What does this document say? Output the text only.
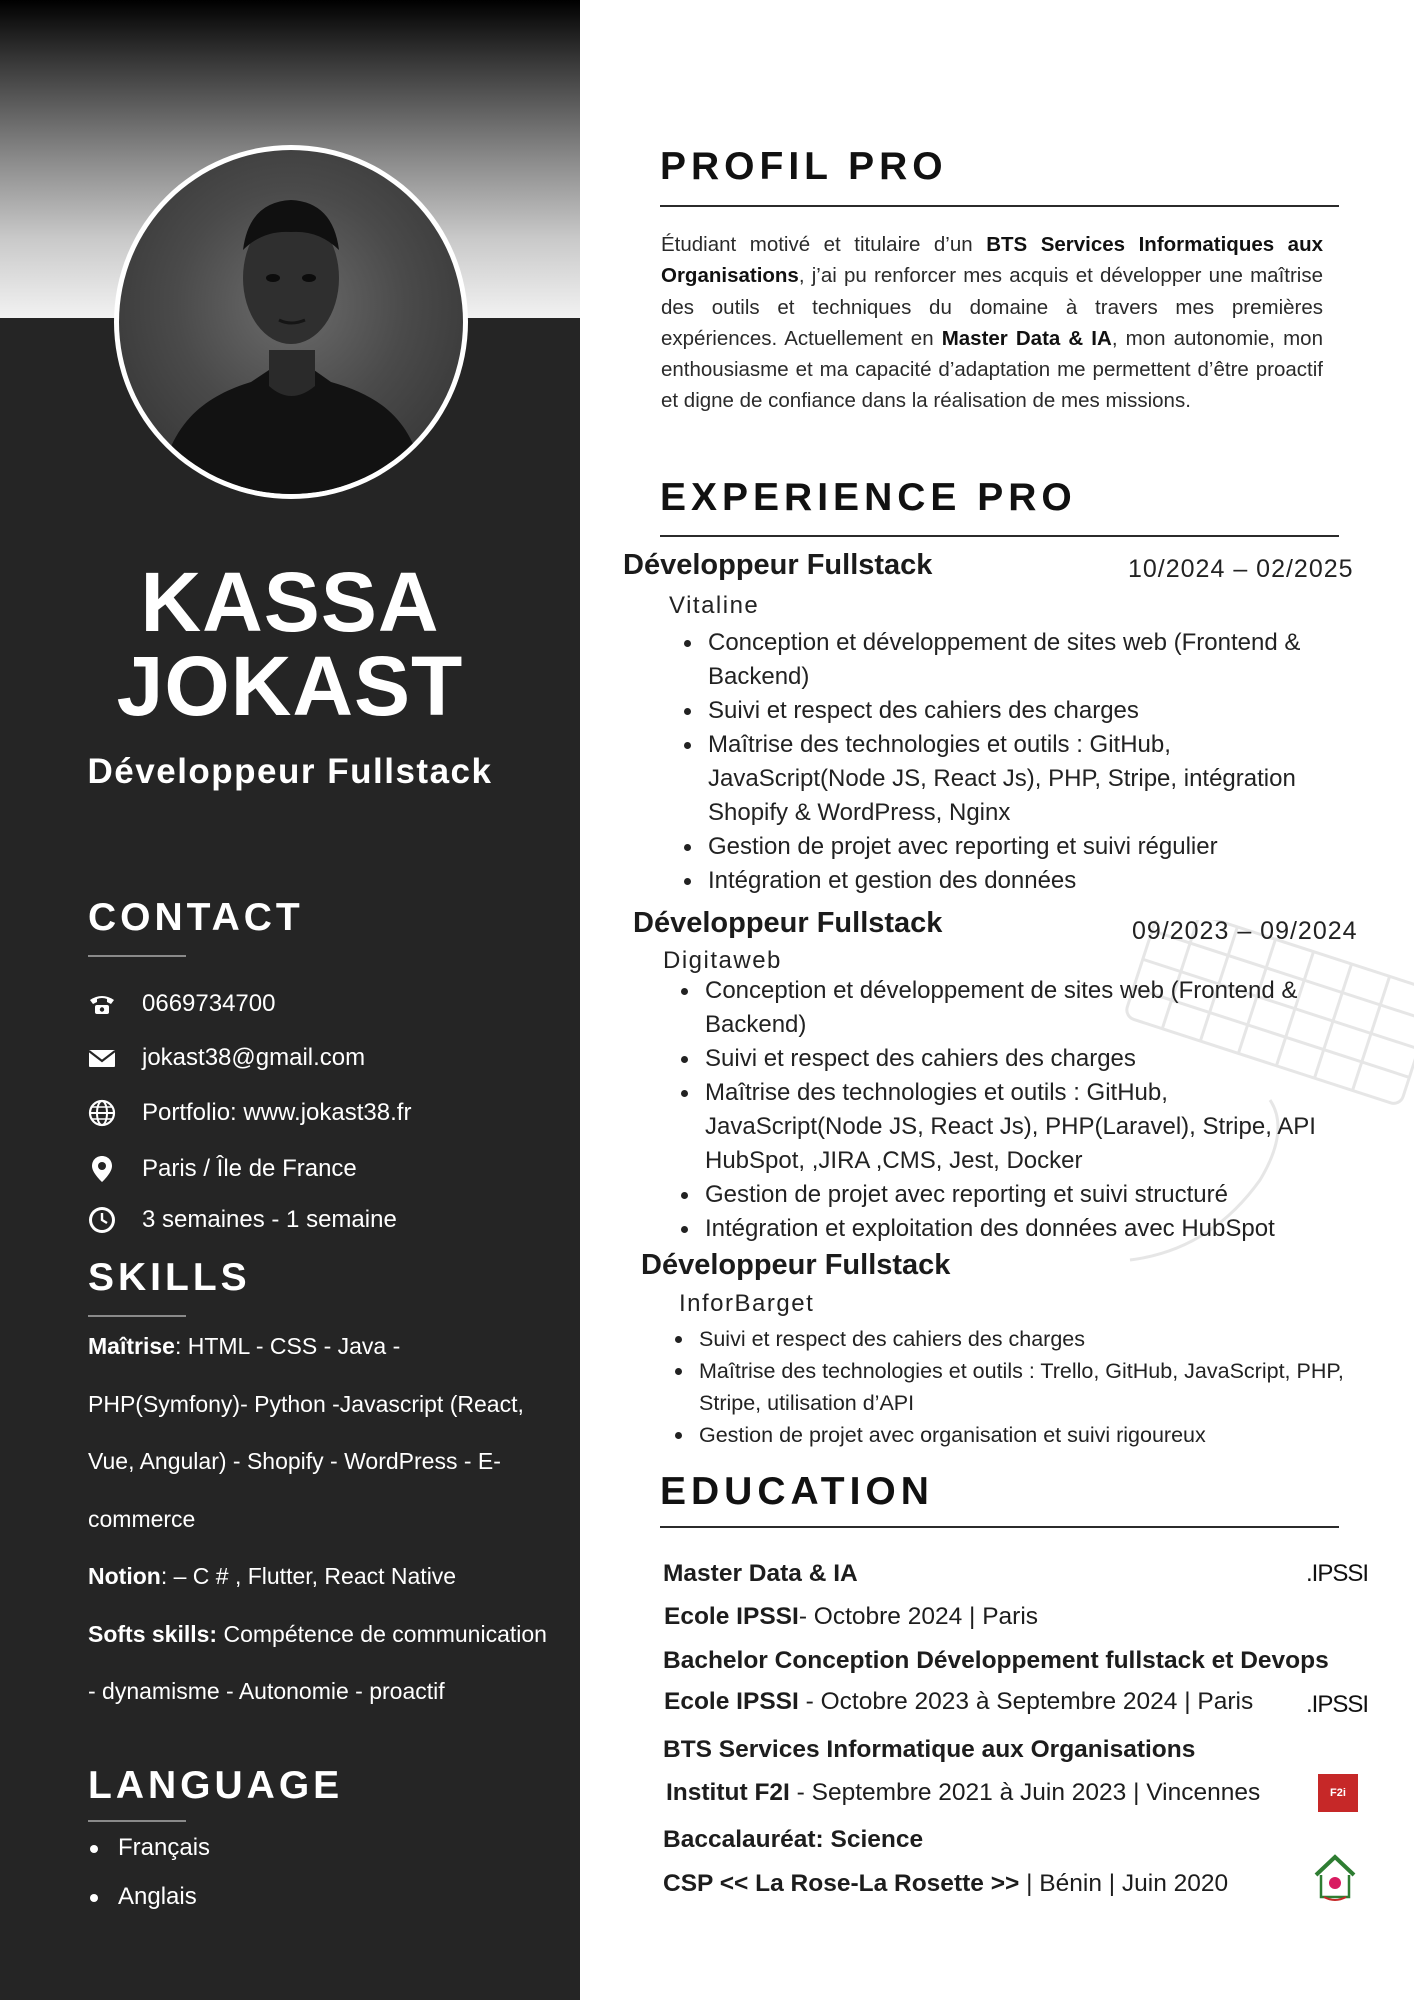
KASSA
JOKAST
Développeur Fullstack
CONTACT
0669734700
jokast38@gmail.com
Portfolio: www.jokast38.fr
Paris / Île de France
3 semaines - 1 semaine
SKILLS
Maîtrise: HTML - CSS - Java - PHP(Symfony)- Python -Javascript (React, Vue, Angular) - Shopify - WordPress - E-commerce
Notion: – C # , Flutter, React Native
Softs skills: Compétence de communication - dynamisme - Autonomie - proactif
LANGUAGE
Français
Anglais
PROFIL PRO

Étudiant motivé et titulaire d’un BTS Services Informatiques aux Organisations, j’ai pu renforcer mes acquis et développer une maîtrise des outils et techniques du domaine à travers mes premières expériences. Actuellement en Master Data & IA, mon autonomie, mon enthousiasme et ma capacité d’adaptation me permettent d’être proactif et digne de confiance dans la réalisation de mes missions.

EXPERIENCE PRO
Développeur Fullstack	10/2024 – 02/2025
Vitaline
Conception et développement de sites web (Frontend & Backend)
Suivi et respect des cahiers des charges
Maîtrise des technologies et outils : GitHub, JavaScript(Node JS, React Js), PHP, Stripe, intégration Shopify & WordPress, Nginx
Gestion de projet avec reporting et suivi régulier
Intégration et gestion des données
Développeur Fullstack	09/2023 – 09/2024
Digitaweb
Conception et développement de sites web (Frontend & Backend)
Suivi et respect des cahiers des charges
Maîtrise des technologies et outils : GitHub, JavaScript(Node JS, React Js), PHP(Laravel), Stripe, API HubSpot, ,JIRA ,CMS, Jest, Docker
Gestion de projet avec reporting et suivi structuré
Intégration et exploitation des données avec HubSpot
Développeur Fullstack
InforBarget
Suivi et respect des cahiers des charges
Maîtrise des technologies et outils : Trello, GitHub, JavaScript, PHP, Stripe, utilisation d’API
Gestion de projet avec organisation et suivi rigoureux
EDUCATION
Master Data & IA	.IPSSI
Ecole IPSSI- Octobre 2024 | Paris
Bachelor Conception Développement fullstack et Devops
Ecole IPSSI - Octobre 2023 à Septembre 2024 | Paris .IPSSI
BTS Services Informatique aux Organisations
Institut F2I - Septembre 2021 à Juin 2023 | Vincennes	F2i
Baccalauréat: Science
CSP << La Rose-La Rosette >> | Bénin | Juin 2020
